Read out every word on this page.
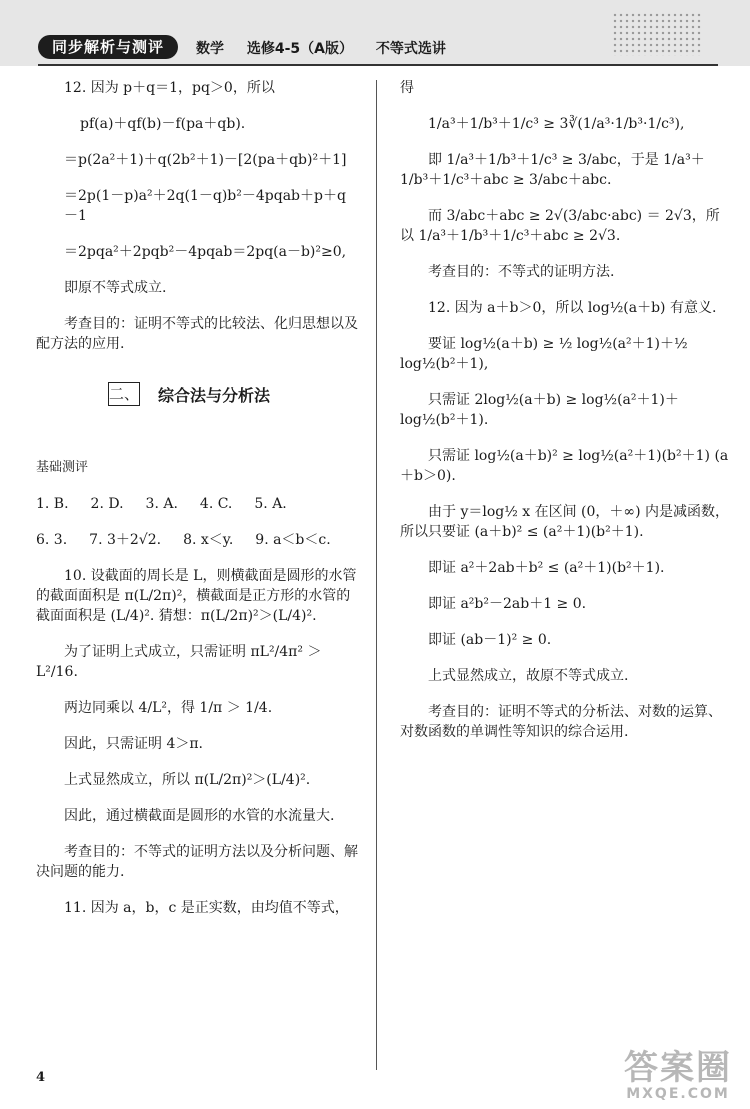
同步解析与测评	数学 选修4-5（A版） 不等式选讲

12. 因为 p＋q＝1，pq＞0，所以

pf(a)＋qf(b)－f(pa＋qb).

＝p(2a²＋1)＋q(2b²＋1)－[2(pa＋qb)²＋1]

＝2p(1－p)a²＋2q(1－q)b²－4pqab＋p＋q－1

＝2pqa²＋2pqb²－4pqab＝2pq(a－b)²≥0,

即原不等式成立.

考查目的：证明不等式的比较法、化归思想以及配方法的应用.

二、 综合法与分析法

基础测评

1. B. 2. D. 3. A. 4. C. 5. A.
6. 3. 7. 3＋2√2. 8. x＜y. 9. a＜b＜c.

10. 设截面的周长是 L，则横截面是圆形的水管的截面面积是 π(L/2π)²，横截面是正方形的水管的截面面积是 (L/4)². 猜想：π(L/2π)²＞(L/4)².

为了证明上式成立，只需证明 πL²/4π² ＞ L²/16.

两边同乘以 4/L²，得 1/π ＞ 1/4.

因此，只需证明 4＞π.

上式显然成立，所以 π(L/2π)²＞(L/4)².

因此，通过横截面是圆形的水管的水流量大.

考查目的：不等式的证明方法以及分析问题、解决问题的能力.

11. 因为 a，b，c 是正实数，由均值不等式，

得

1/a³＋1/b³＋1/c³ ≥ 3∛(1/a³·1/b³·1/c³),

即 1/a³＋1/b³＋1/c³ ≥ 3/abc，于是 1/a³＋1/b³＋1/c³＋abc ≥ 3/abc＋abc.

而 3/abc＋abc ≥ 2√(3/abc·abc) ＝ 2√3，所以 1/a³＋1/b³＋1/c³＋abc ≥ 2√3.

考查目的：不等式的证明方法.

12. 因为 a＋b＞0，所以 log½(a＋b) 有意义.

要证 log½(a＋b) ≥ ½ log½(a²＋1)＋½ log½(b²＋1),

只需证 2log½(a＋b) ≥ log½(a²＋1)＋log½(b²＋1).

只需证 log½(a＋b)² ≥ log½(a²＋1)(b²＋1) (a＋b＞0).

由于 y＝log½ x 在区间 (0，＋∞) 内是减函数，所以只要证 (a＋b)² ≤ (a²＋1)(b²＋1).

即证 a²＋2ab＋b² ≤ (a²＋1)(b²＋1).

即证 a²b²－2ab＋1 ≥ 0.

即证 (ab－1)² ≥ 0.

上式显然成立，故原不等式成立.

考查目的：证明不等式的分析法、对数的运算、对数函数的单调性等知识的综合运用.

4	答案圈
MXQE.COM
